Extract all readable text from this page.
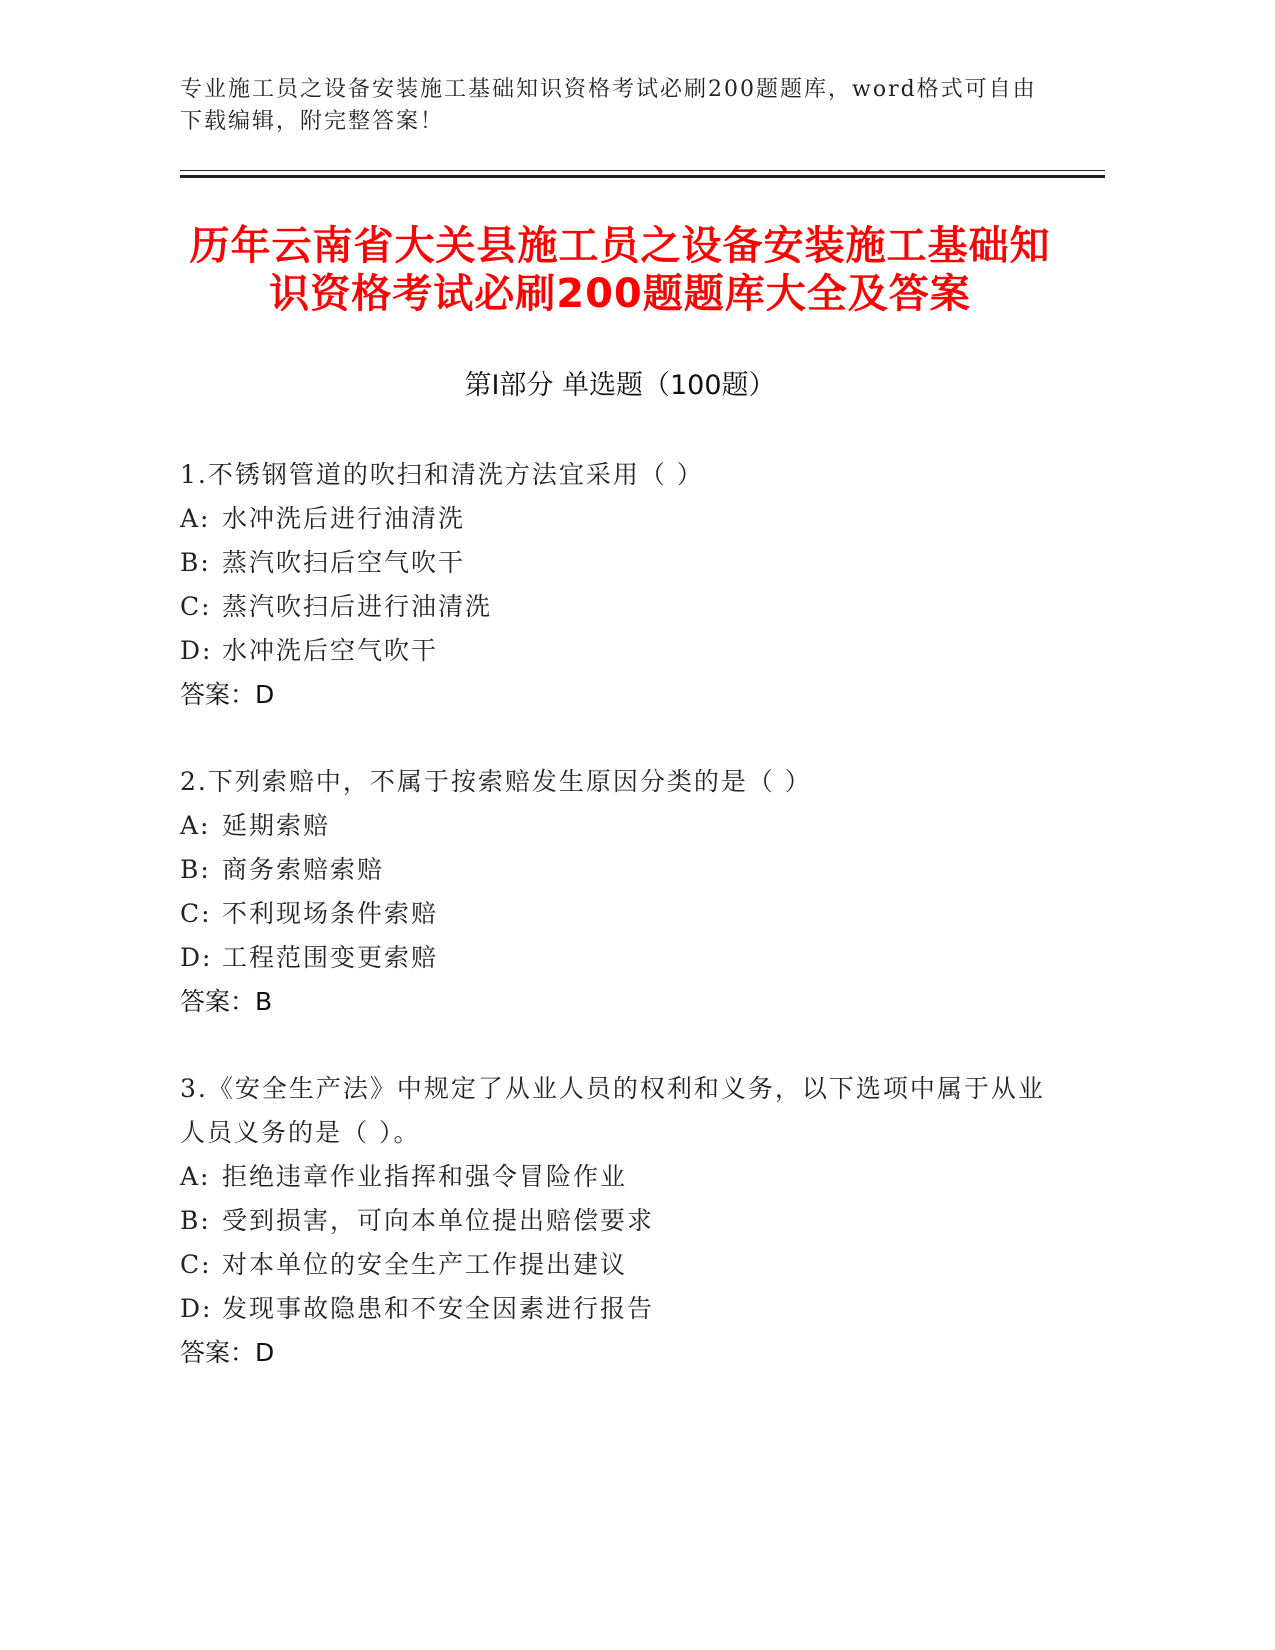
专业施工员之设备安装施工基础知识资格考试必刷200题题库，word格式可自由下载编辑，附完整答案！
历年云南省大关县施工员之设备安装施工基础知识资格考试必刷200题题库大全及答案
第Ⅰ部分 单选题（100题）
1.不锈钢管道的吹扫和清洗方法宜采用（ ）
A: 水冲洗后进行油清洗
B: 蒸汽吹扫后空气吹干
C: 蒸汽吹扫后进行油清洗
D: 水冲洗后空气吹干
答案：D
2.下列索赔中，不属于按索赔发生原因分类的是（ ）
A: 延期索赔
B: 商务索赔索赔
C: 不利现场条件索赔
D: 工程范围变更索赔
答案：B
3.《安全生产法》中规定了从业人员的权利和义务，以下选项中属于从业人员义务的是（ ）。
A: 拒绝违章作业指挥和强令冒险作业
B: 受到损害，可向本单位提出赔偿要求
C: 对本单位的安全生产工作提出建议
D: 发现事故隐患和不安全因素进行报告
答案：D
